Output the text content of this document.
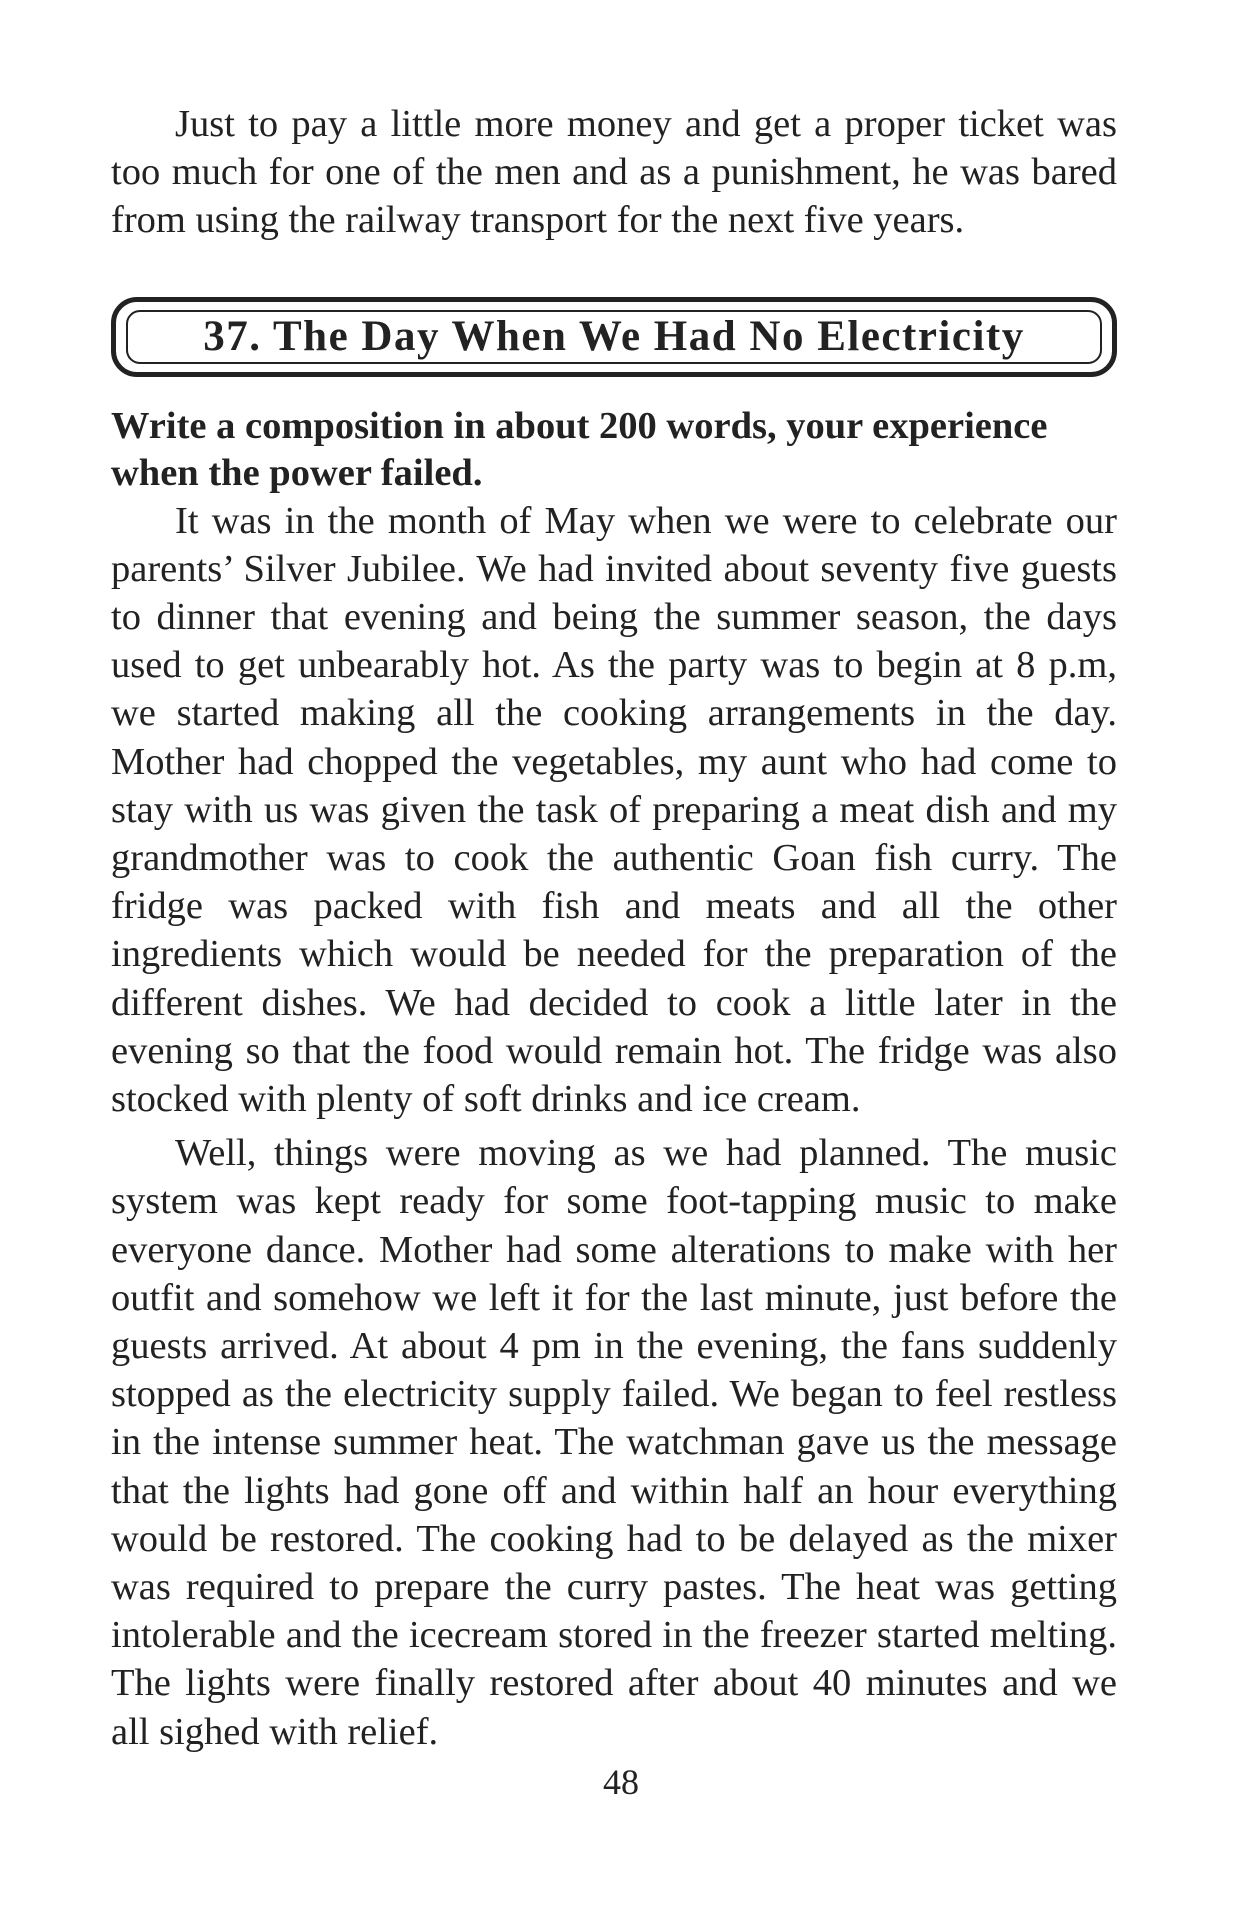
Just to pay a little more money and get a proper ticket was too much for one of the men and as a punishment, he was bared from using the railway transport for the next five years.

37. The Day When We Had No Electricity

Write a composition in about 200 words, your experience when the power failed.

It was in the month of May when we were to celebrate our parents’ Silver Jubilee. We had invited about seventy five guests to dinner that evening and being the summer season, the days used to get unbearably hot. As the party was to begin at 8 p.m, we started making all the cooking arrangements in the day. Mother had chopped the vegetables, my aunt who had come to stay with us was given the task of preparing a meat dish and my grandmother was to cook the authentic Goan fish curry. The fridge was packed with fish and meats and all the other ingredients which would be needed for the preparation of the different dishes. We had decided to cook a little later in the evening so that the food would remain hot. The fridge was also stocked with plenty of soft drinks and ice cream.

Well, things were moving as we had planned. The music system was kept ready for some foot-tapping music to make everyone dance. Mother had some alterations to make with her outfit and somehow we left it for the last minute, just before the guests arrived. At about 4 pm in the evening, the fans suddenly stopped as the electricity supply failed. We began to feel restless in the intense summer heat. The watchman gave us the message that the lights had gone off and within half an hour everything would be restored. The cooking had to be delayed as the mixer was required to prepare the curry pastes. The heat was getting intolerable and the icecream stored in the freezer started melting. The lights were finally restored after about 40 minutes and we all sighed with relief.

48
